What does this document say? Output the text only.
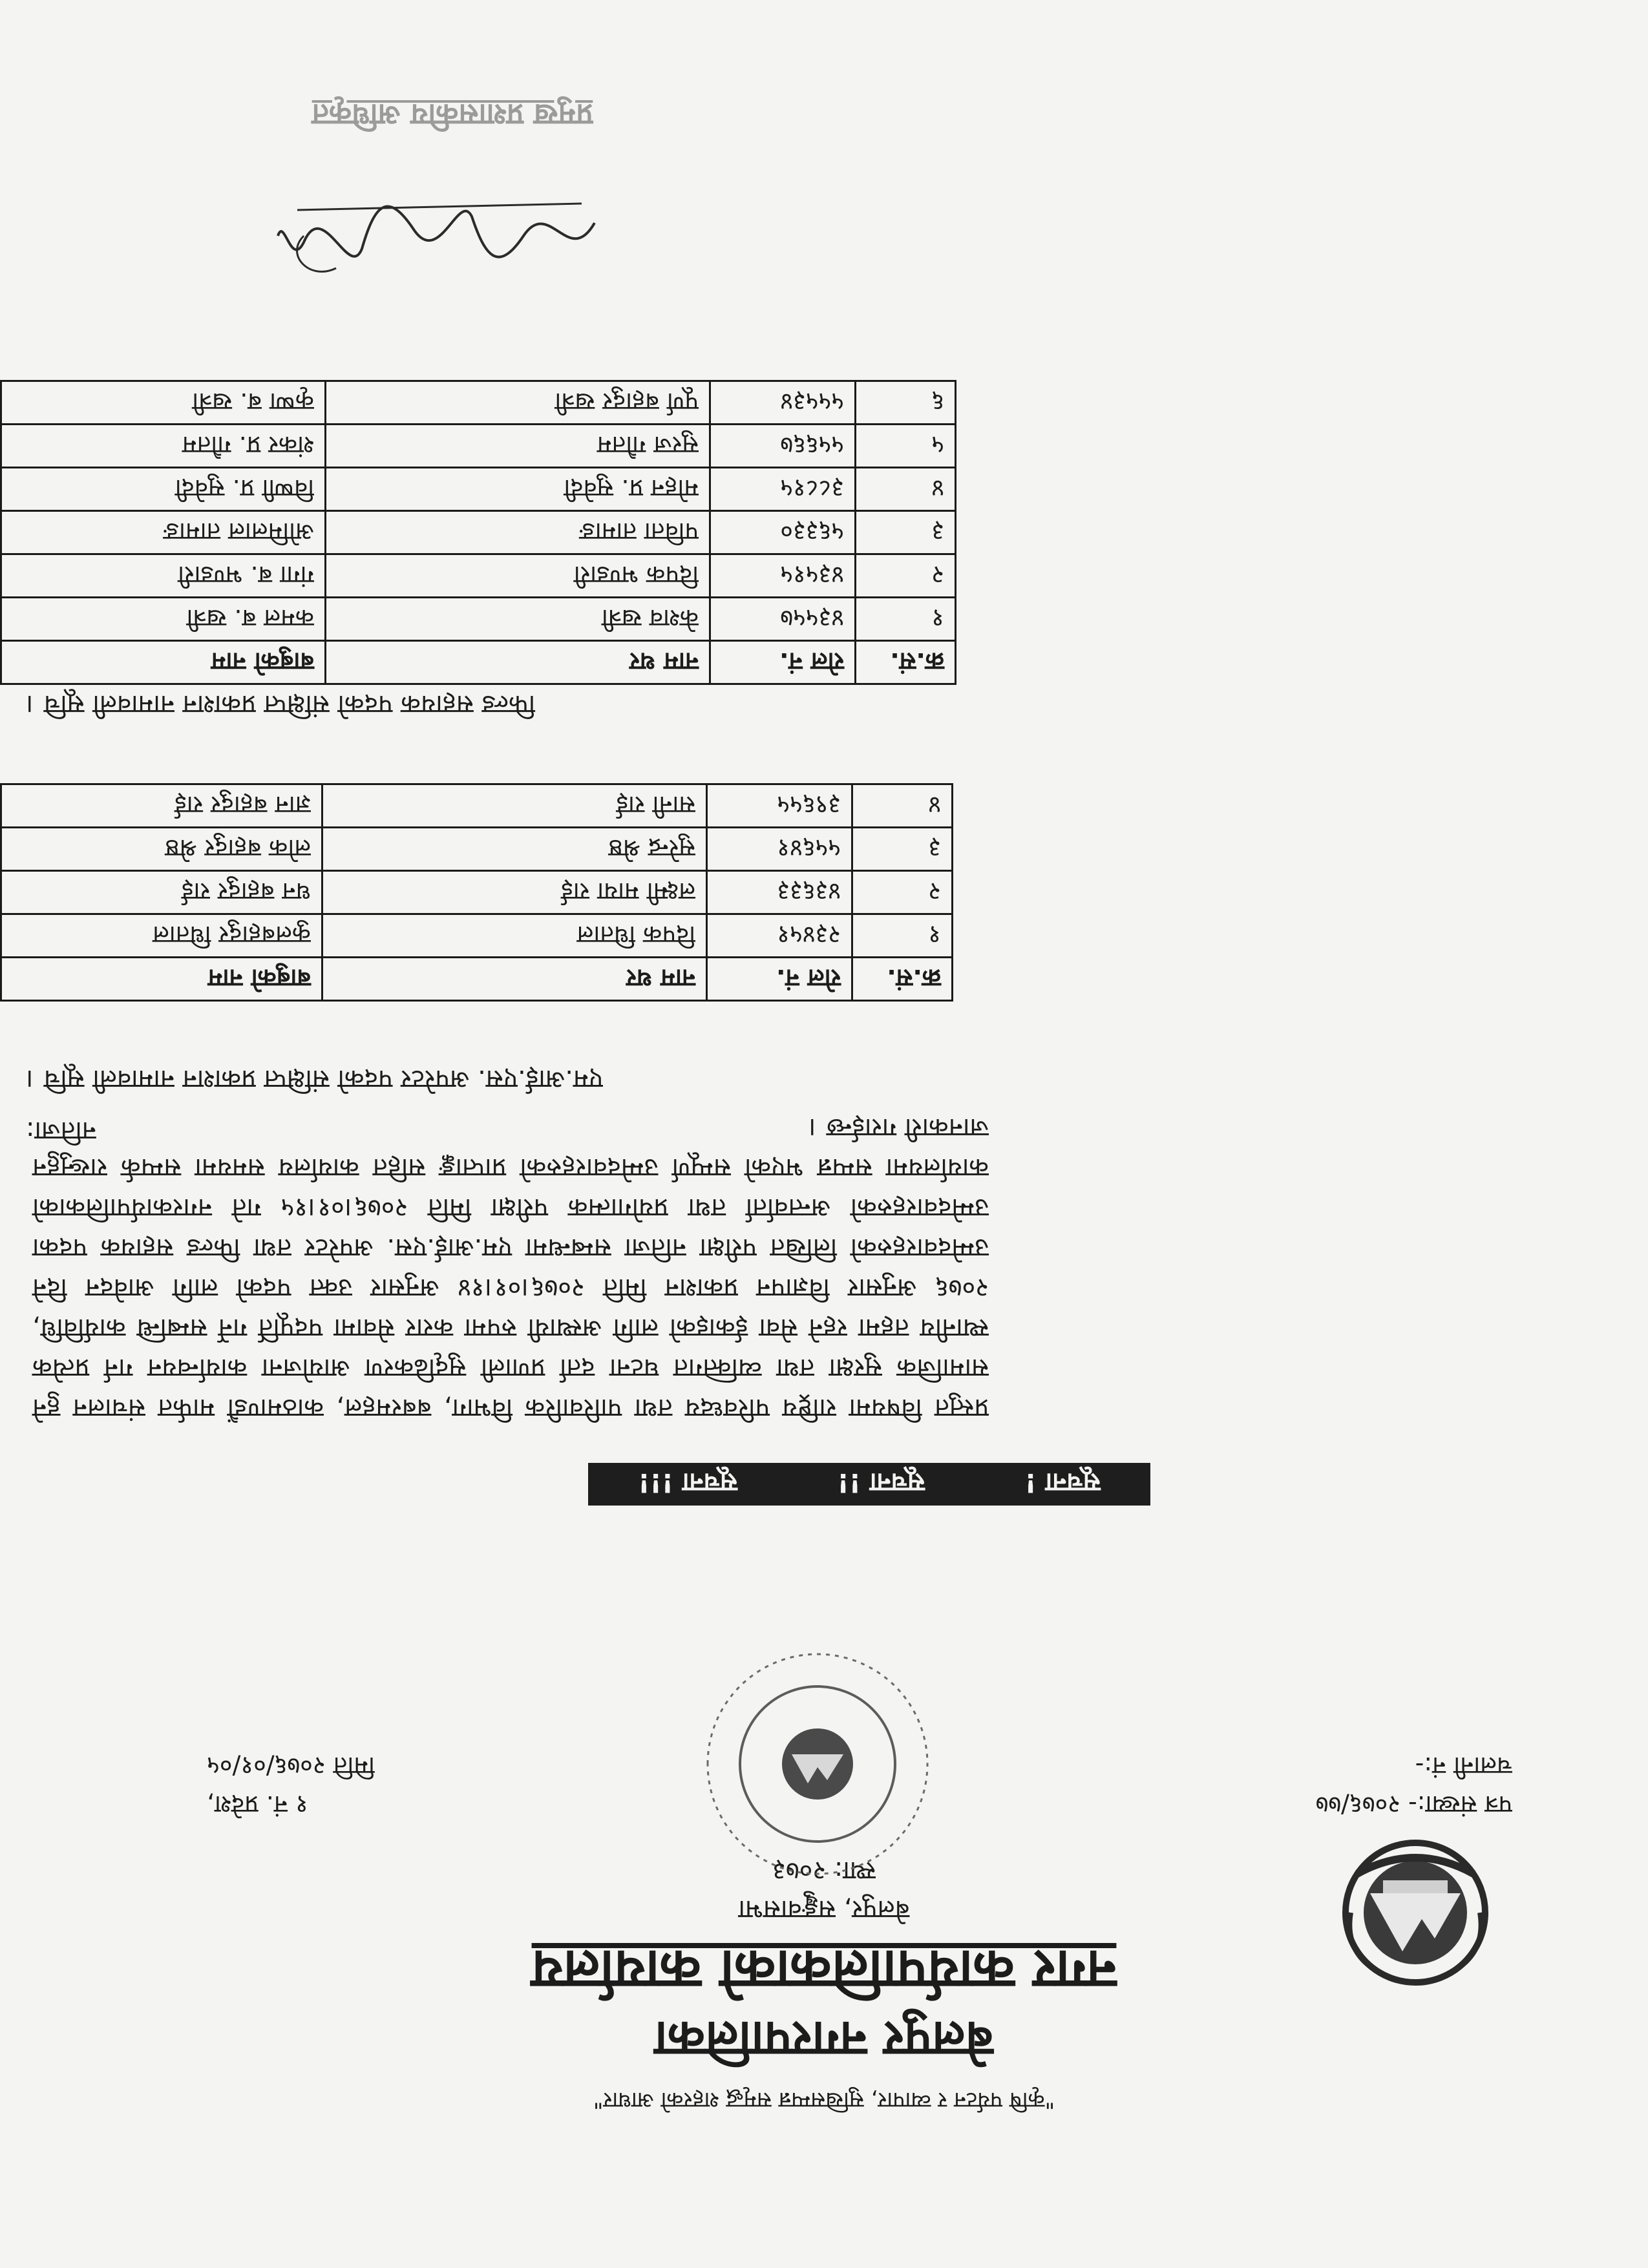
"कृषि पर्यटन र व्यापार, सुखिसम्पन्न समृद्ध शहरको आधार"
बेलपुर नगरपालिका
नगर कार्यपालिकाको कार्यालय
बेलपुर, सङ्खुवासभा
स्था: २०७३
पत्र संख्या:- २०७६/७७
चलानी नं:-
१ नं. प्रदेश,
मिति २०७६/०१/०५
सूचना !
सूचना !!
सूचना !!!
प्रस्तुत विषयमा राष्ट्रिय परिवध्दय तथा पारिवारिक विभाग, बबरमहल, काठमाण्डौं मार्फत संचालन हुने सामाजिक सुरक्षा तथा व्यक्तिगत घटना दर्ता प्रणाली सुदृढिकरण आयोजना कार्यान्वयन गर्न प्रत्येक स्थानीय तहमा रहने सेवा ईकाइको लागि अस्थायी रुपमा करार सेवामा पदपूर्ति गर्ने सम्बन्धि कार्यविधि, २०७६ अनुसार विज्ञापन प्रकाशन मिति २०७६।०१।१४ अनुसार उक्त पदको लागि आवेदन दिने उम्मेदवारहरुको लिखित परीक्षा नतिजा सम्बन्धमा एम.आई.एस. अपरेटर तथा फिल्ड सहायक पदका उम्मेदवारहरुको अन्तर्वार्ता तथा प्रयोगात्मक परीक्षा मिति २०७६।०१।१५ गते नगरकार्यपालिकाको कार्यालयमा सम्पन्न भएको सम्पूर्ण उम्मेदवारहरुको प्राप्ताङ्क सहित कार्यालय समयमा सम्पर्क राख्नुहुन जानकारी गराईन्छ ।
नतिजा:
एम.आई.एस. अपरेटर पदको संक्षिप्त प्रकाशन नामावली सूचि ।
क्र.सं.	रोल नं.	नाम थर	बाबुको नाम
१	२३४५१	दिपक धिताल	कुलबहादुर धिताल
२	४३६३३	लक्ष्मी माया राई	धन बहादुर राई
३	५५६४१	सुरेन्द्र श्रेष्ठ	लोक बहादुर श्रेष्ठ
४	३९६५५	सानी राई	ज्ञान बहादुर राई
फिल्ड सहायक पदको संक्षिप्त प्रकाशन नामावली सूचि ।
क्र.सं.	रोल नं.	नाम थर	बाबुको नाम
१	४३५५७	केशव खत्री	कमल ब. खत्री
२	४३५१५	दिपक भण्डारी	गंगा ब. भण्डारी
३	५६३३०	पविता तामाङ	ओमिलाल तामाङ
४	३८८१५	मोहन प्र. सुवेदी	विष्णी प्र. सुवेदी
५	५५६६७	सुरज गौतम	शंकर प्र. गौतम
६	५५५३४	पूर्ण बहादुर खत्री	कृष्ण ब. खत्री
प्रमुख प्रशासकीय अधिकृत
